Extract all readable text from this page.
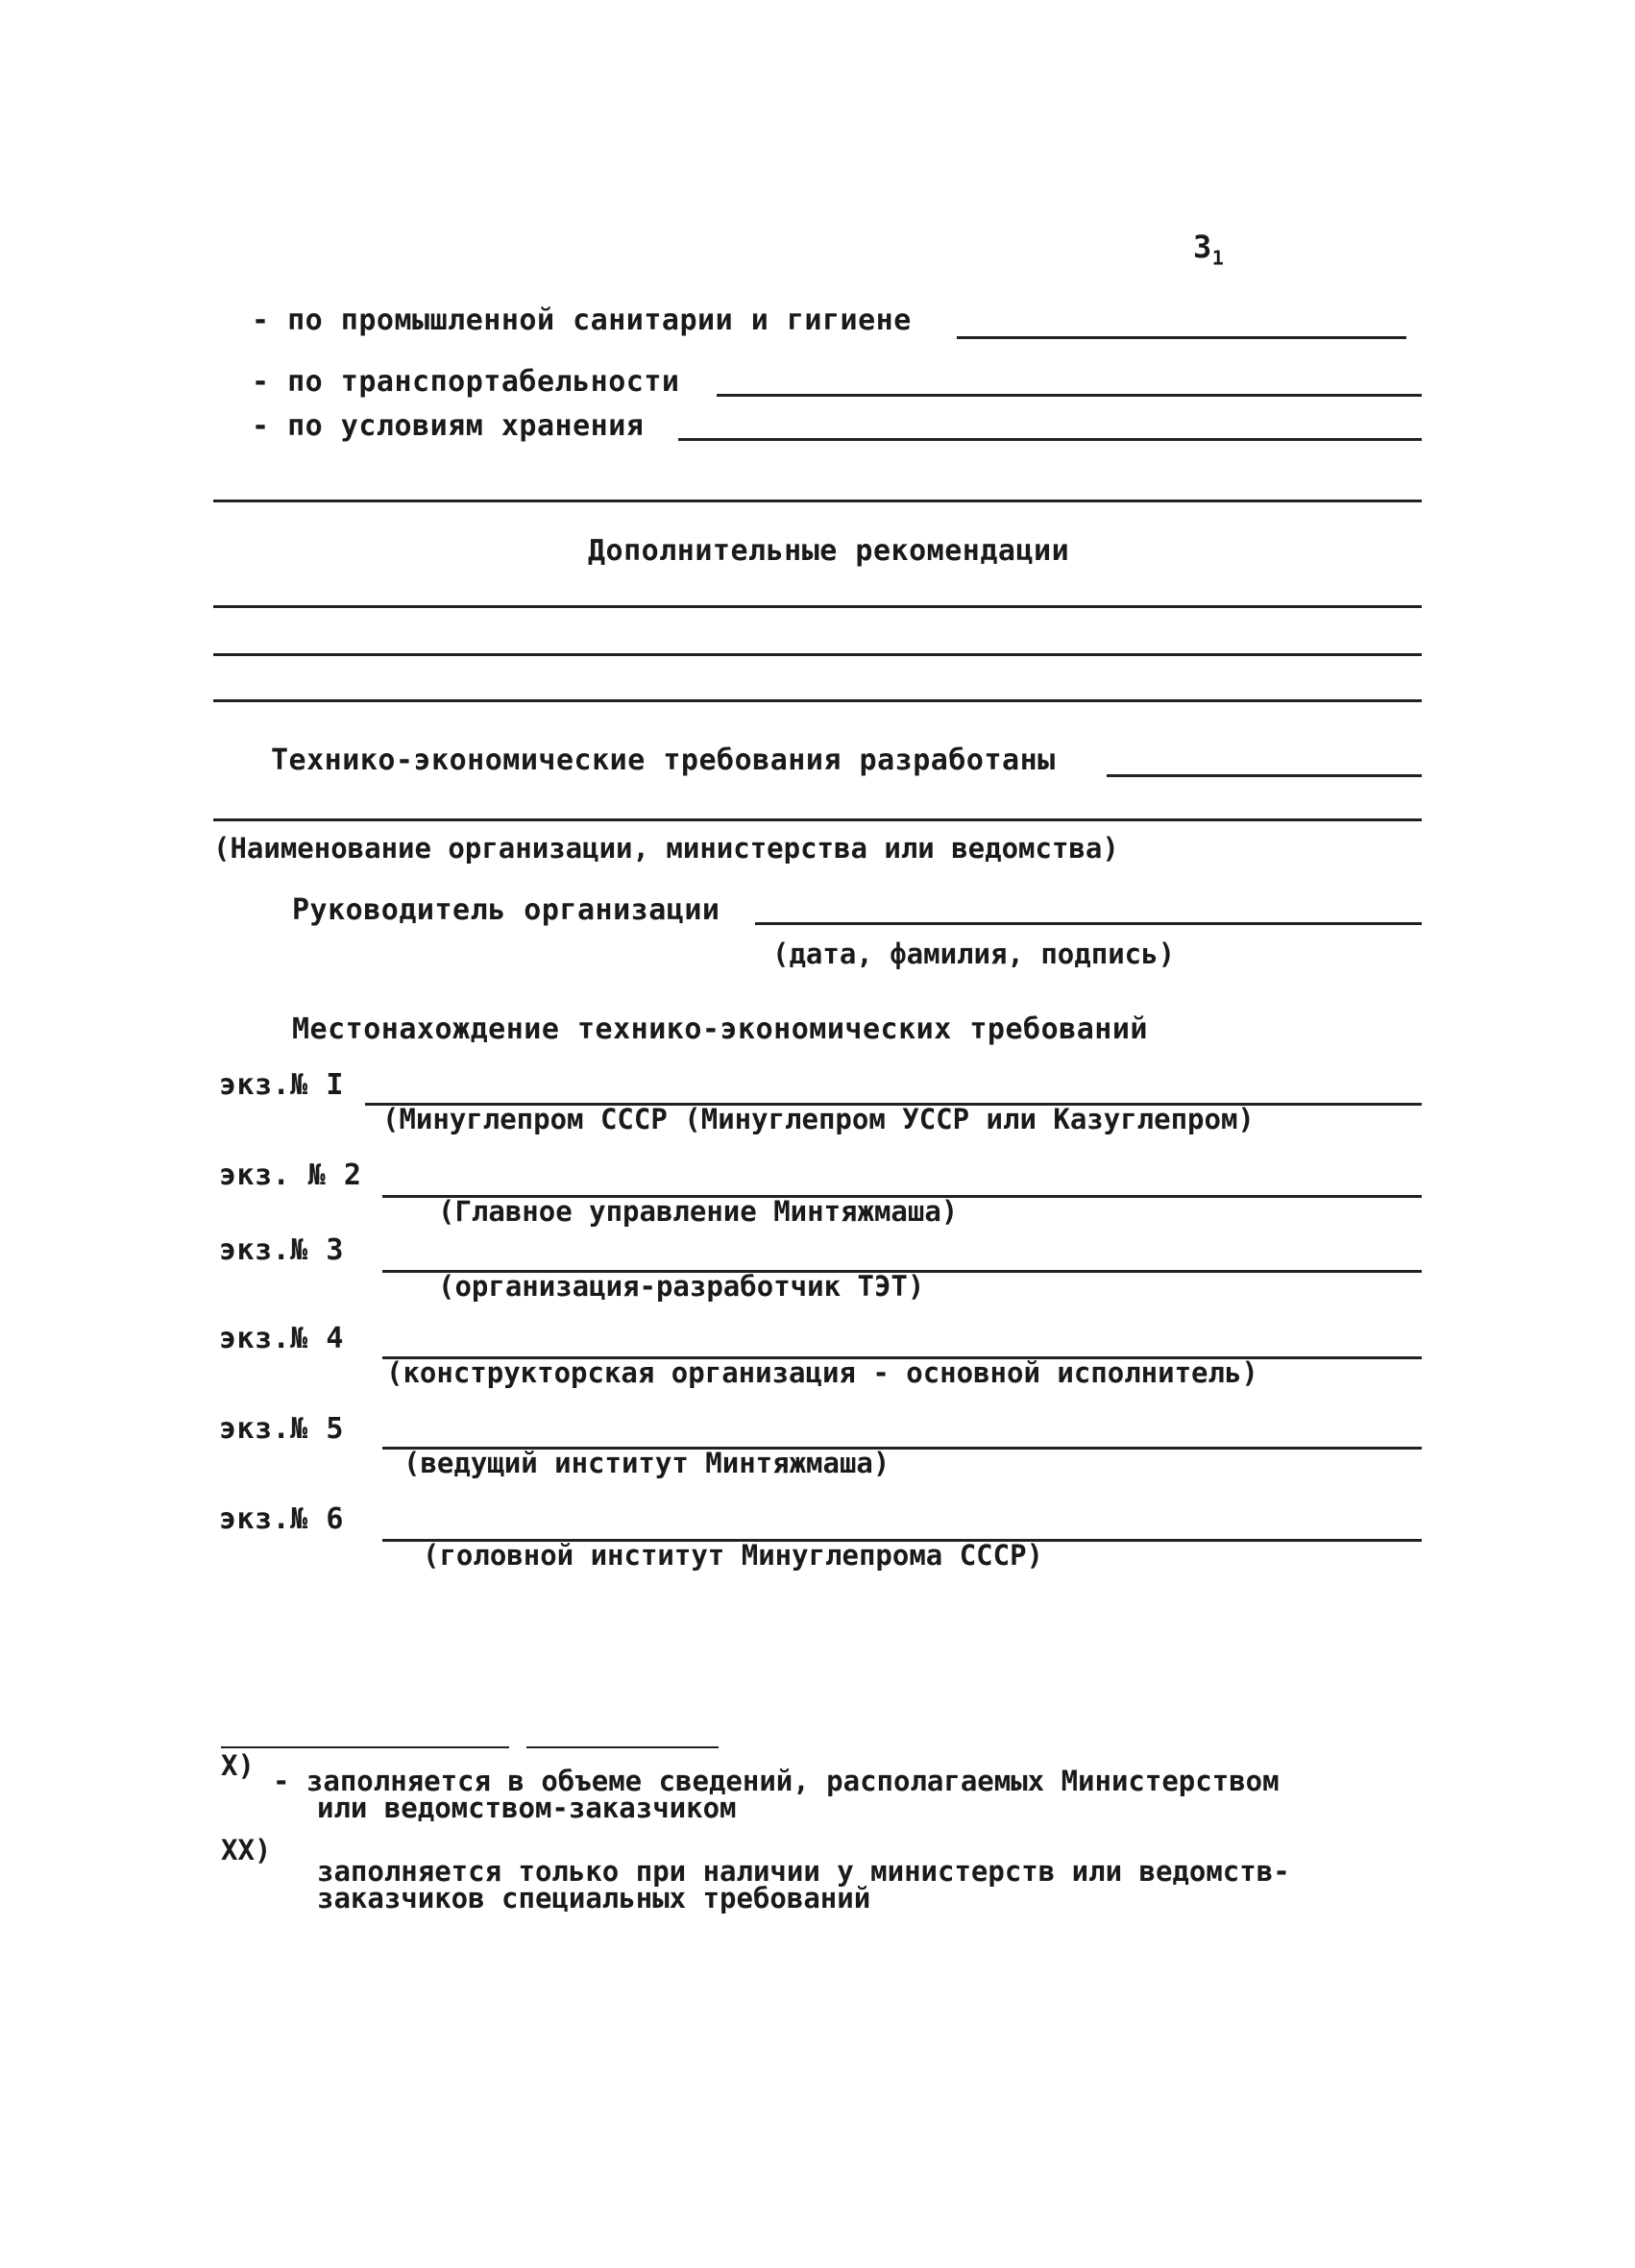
$3_1$
- по промышленной санитарии и гигиене
- по транспортабельности
- по условиям хранения
Дополнительные рекомендации
Технико-экономические требования разработаны
(Наименование организации, министерства или ведомства)
Руководитель организации
(дата, фамилия, подпись)
Местонахождение технико-экономических требований
экз.№ I
(Минуглепром СССР (Минуглепром УССР или Казуглепром)
экз. № 2
(Главное управление Минтяжмаша)
экз.№ 3
(организация-разработчик ТЭТ)
экз.№ 4
(конструкторская организация - основной исполнитель)
экз.№ 5
(ведущий институт Минтяжмаша)
экз.№ 6
(головной институт Минуглепрома СССР)
Х) - заполняется в объеме сведений, располагаемых Министерством
или ведомством-заказчиком
ХХ)
заполняется только при наличии у министерств или ведомств-
заказчиков специальных требований
